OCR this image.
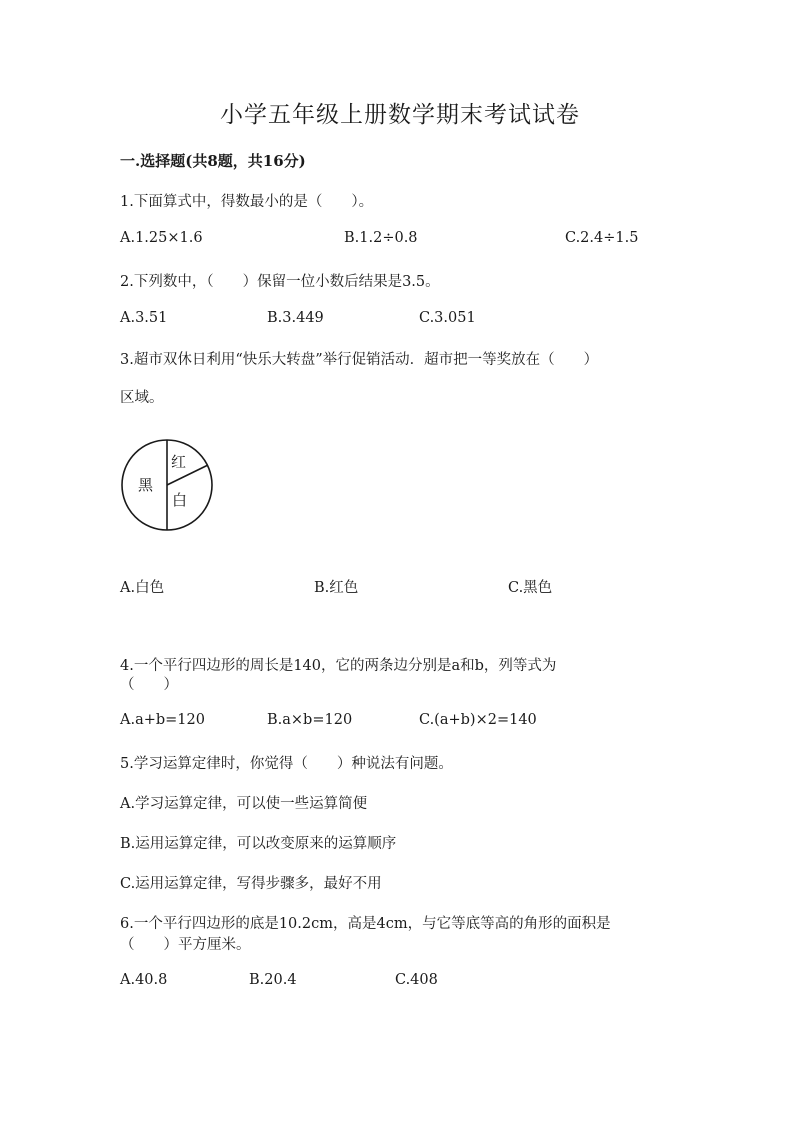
小学五年级上册数学期末考试试卷
一.选择题(共8题，共16分)
1.下面算式中，得数最小的是（　　）。
A.1.25×1.6	B.1.2÷0.8	C.2.4÷1.5
2.下列数中，（　　）保留一位小数后结果是3.5。
A.3.51	B.3.449	C.3.051
3.超市双休日利用“快乐大转盘”举行促销活动．超市把一等奖放在（　　）
区域。
黑
红
白
A.白色	B.红色	C.黑色
4.一个平行四边形的周长是140，它的两条边分别是a和b，列等式为
（　　）
A.a+b=120	B.a×b=120	C.(a+b)×2=140
5.学习运算定律时，你觉得（　　）种说法有问题。
A.学习运算定律，可以使一些运算简便
B.运用运算定律，可以改变原来的运算顺序
C.运用运算定律，写得步骤多，最好不用
6.一个平行四边形的底是10.2cm，高是4cm，与它等底等高的角形的面积是
（　　）平方厘米。
A.40.8	B.20.4	C.408
